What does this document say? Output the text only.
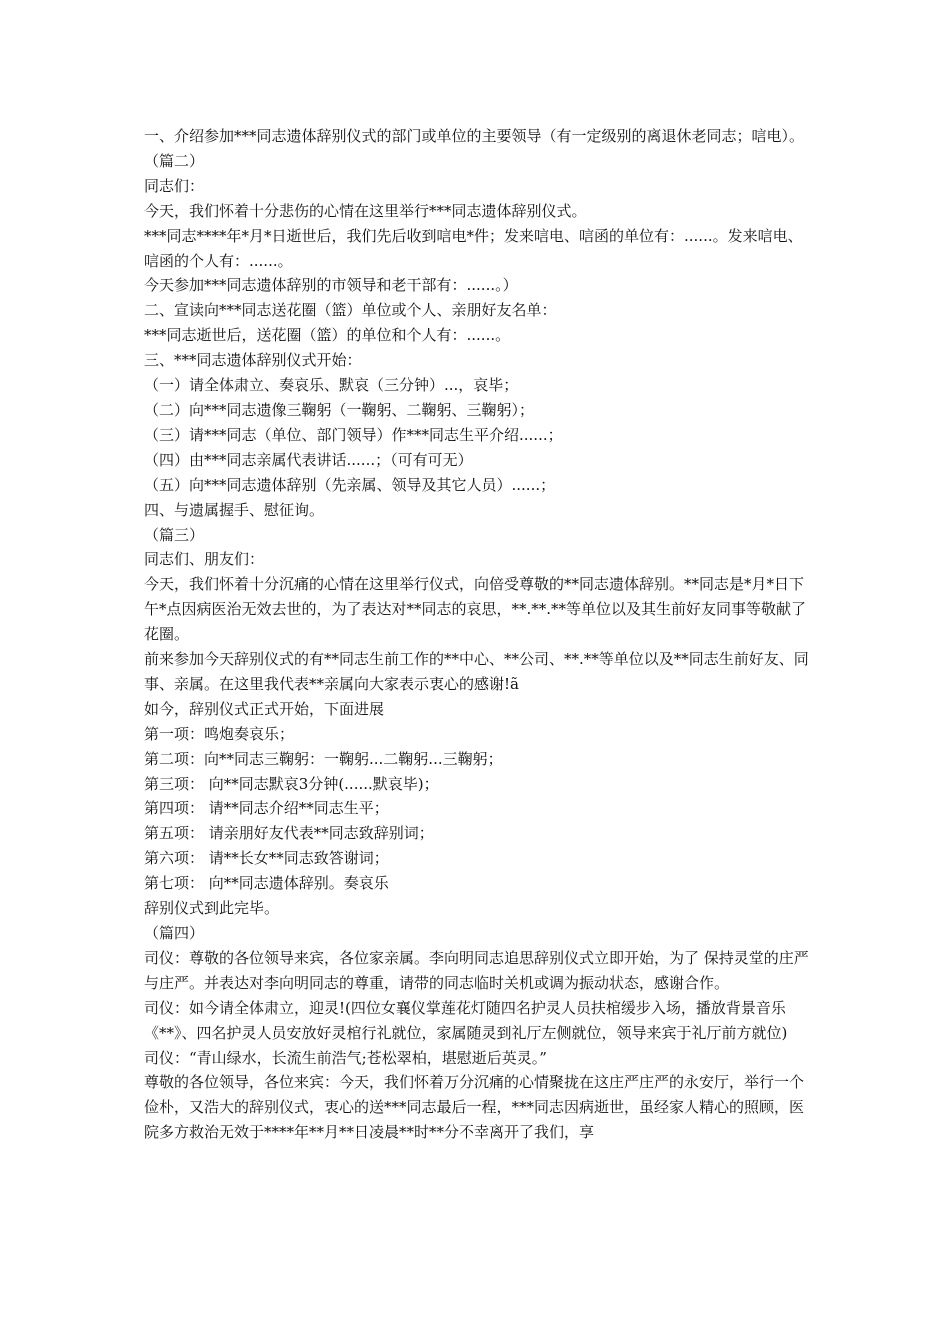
一、介绍参加***同志遗体辞别仪式的部门或单位的主要领导（有一定级别的离退休老同志；唁电）。

（篇二）

同志们：

今天，我们怀着十分悲伤的心情在这里举行***同志遗体辞别仪式。

***同志****年*月*日逝世后，我们先后收到唁电*件；发来唁电、唁函的单位有：......。发来唁电、唁函的个人有：......。

今天参加***同志遗体辞别的市领导和老干部有：......。）

二、宣读向***同志送花圈（篮）单位或个人、亲朋好友名单：

***同志逝世后，送花圈（篮）的单位和个人有：......。

三、***同志遗体辞别仪式开始：

（一）请全体肃立、奏哀乐、默哀（三分钟）...，哀毕；

（二）向***同志遗像三鞠躬（一鞠躬、二鞠躬、三鞠躬）；

（三）请***同志（单位、部门领导）作***同志生平介绍......；

（四）由***同志亲属代表讲话......；（可有可无）

（五）向***同志遗体辞别（先亲属、领导及其它人员）......；

四、与遗属握手、慰征询。

（篇三）

同志们、朋友们：

今天，我们怀着十分沉痛的心情在这里举行仪式，向倍受尊敬的**同志遗体辞别。**同志是*月*日下午*点因病医治无效去世的，为了表达对**同志的哀思，**.**.**等单位以及其生前好友同事等敬献了花圈。

前来参加今天辞别仪式的有**同志生前工作的**中心、**公司、**.**等单位以及**同志生前好友、同事、亲属。在这里我代表**亲属向大家表示衷心的感谢!ã

如今，辞别仪式正式开始，下面进展

第一项：鸣炮奏哀乐；

第二项：向**同志三鞠躬：一鞠躬...二鞠躬...三鞠躬；

第三项： 向**同志默哀3分钟(......默哀毕)；

第四项： 请**同志介绍**同志生平；

第五项： 请亲朋好友代表**同志致辞别词；

第六项： 请**长女**同志致答谢词；

第七项： 向**同志遗体辞别。奏哀乐

辞别仪式到此完毕。

（篇四）

司仪：尊敬的各位领导来宾，各位家亲属。李向明同志追思辞别仪式立即开始，为了 保持灵堂的庄严与庄严。并表达对李向明同志的尊重，请带的同志临时关机或调为振动状态，感谢合作。

司仪：如今请全体肃立，迎灵!(四位女襄仪掌莲花灯随四名护灵人员扶棺缓步入场，播放背景音乐《**》、四名护灵人员安放好灵棺行礼就位，家属随灵到礼厅左侧就位，领导来宾于礼厅前方就位)

司仪：“青山绿水，长流生前浩气;苍松翠柏，堪慰逝后英灵。”

尊敬的各位领导，各位来宾：今天，我们怀着万分沉痛的心情聚拢在这庄严庄严的永安厅，举行一个俭朴，又浩大的辞别仪式，衷心的送***同志最后一程，***同志因病逝世，虽经家人精心的照顾，医院多方救治无效于****年**月**日凌晨**时**分不幸离开了我们，享
